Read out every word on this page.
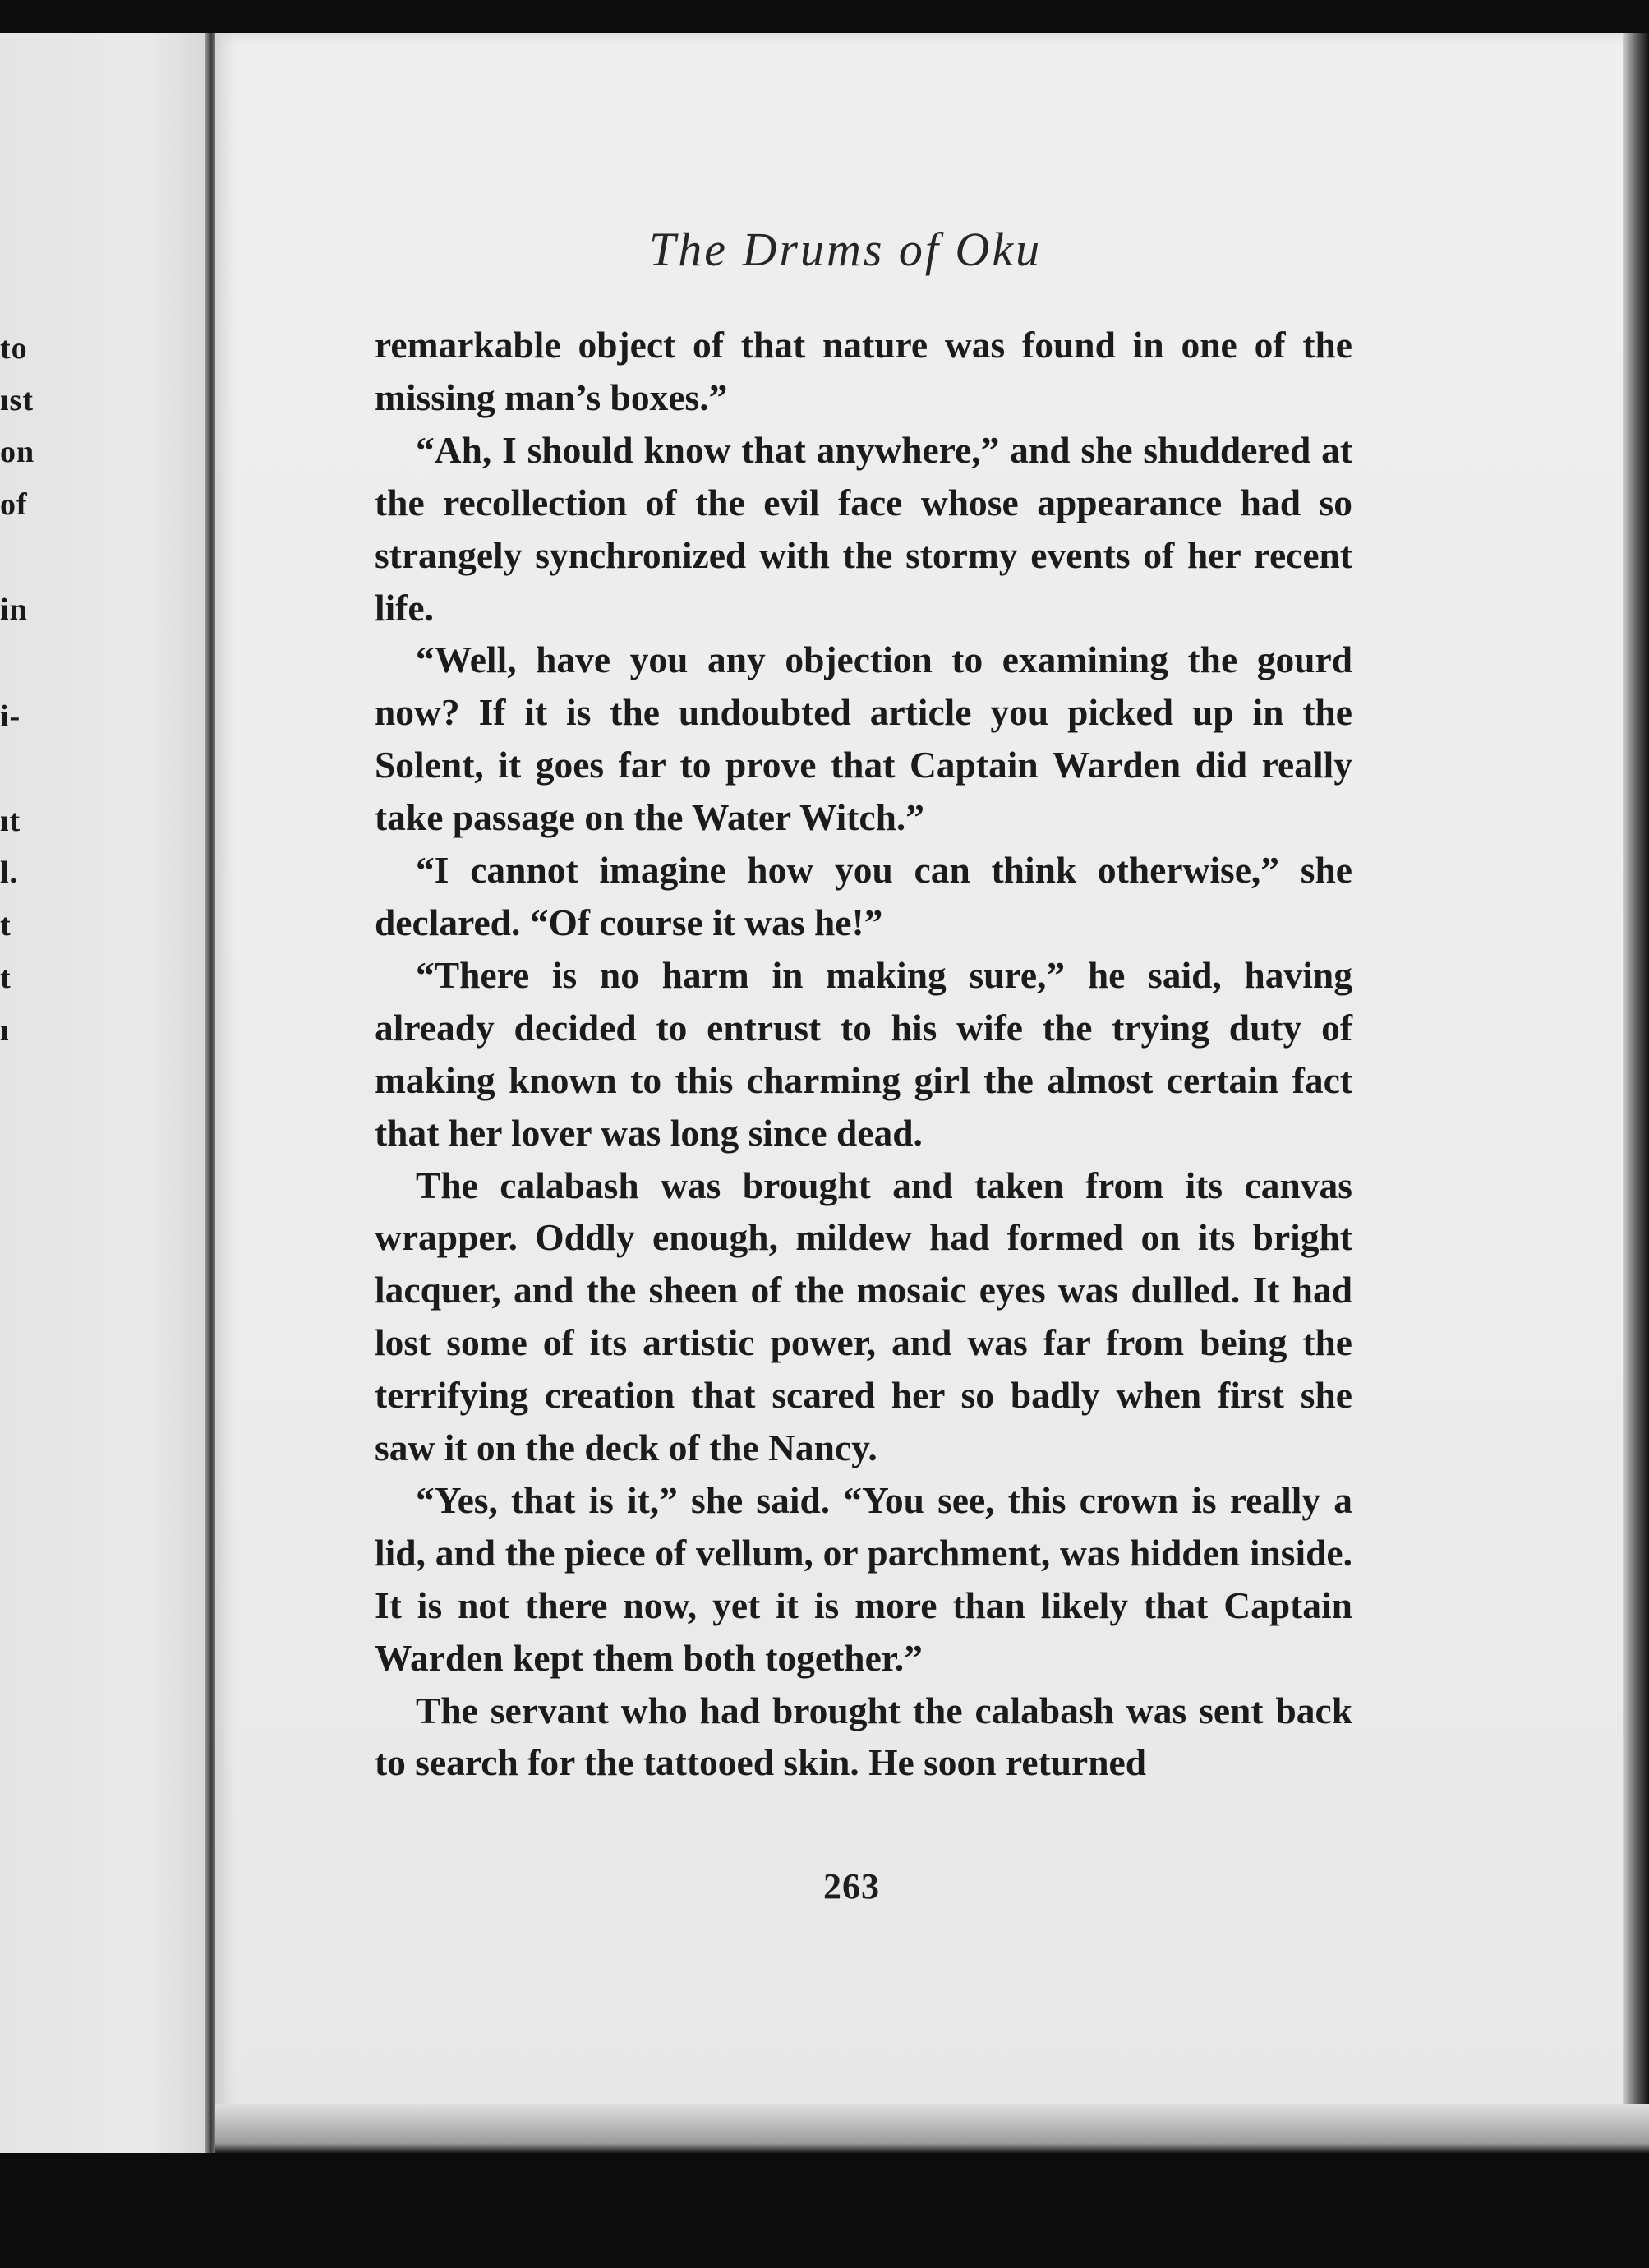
to
ıst
on
of
in
i-
ıt
l.
t
t
ı
The Drums of Oku

remarkable object of that nature was found in one of the missing man’s boxes.”

“Ah, I should know that anywhere,” and she shuddered at the recollection of the evil face whose appearance had so strangely synchronized with the stormy events of her recent life.

“Well, have you any objection to examining the gourd now? If it is the undoubted article you picked up in the Solent, it goes far to prove that Captain Warden did really take passage on the Water Witch.”

“I cannot imagine how you can think otherwise,” she declared. “Of course it was he!”

“There is no harm in making sure,” he said, having already decided to entrust to his wife the trying duty of making known to this charming girl the almost certain fact that her lover was long since dead.

The calabash was brought and taken from its canvas wrapper. Oddly enough, mildew had formed on its bright lacquer, and the sheen of the mosaic eyes was dulled. It had lost some of its artistic power, and was far from being the terrifying creation that scared her so badly when first she saw it on the deck of the Nancy.

“Yes, that is it,” she said. “You see, this crown is really a lid, and the piece of vellum, or parchment, was hidden inside. It is not there now, yet it is more than likely that Captain Warden kept them both together.”

The servant who had brought the calabash was sent back to search for the tattooed skin. He soon returned

263
